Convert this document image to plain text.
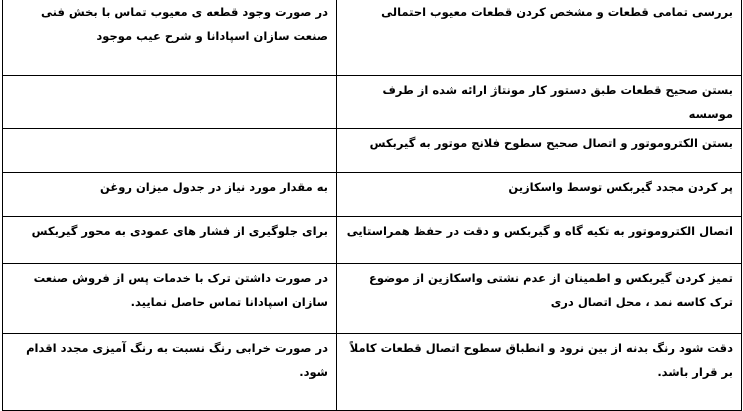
بررسی تمامی قطعات و مشخص کردن قطعات معیوب احتمالی	در صورت وجود قطعه ی معیوب تماس با بخش فنی صنعت سازان اسپادانا و شرح عیب موجود
بستن صحیح قطعات طبق دستور کار مونتاژ ارائه شده از طرف موسسه	
بستن الکتروموتور و اتصال صحیح سطوح فلانج موتور به گیربکس	
پر کردن مجدد گیربکس توسط واسکازین	به مقدار مورد نیاز در جدول میزان روغن
اتصال الکتروموتور به تکیه گاه و گیربکس و دقت در حفظ همراستایی	برای جلوگیری از فشار های عمودی به محور گیربکس
تمیز کردن گیربکس و اطمینان از عدم نشتی واسکازین از موضوع ترک کاسه نمد ، محل اتصال دری	در صورت داشتن ترک با خدمات پس از فروش صنعت سازان اسپادانا تماس حاصل نمایید.
دقت شود رنگ بدنه از بین نرود و انطباق سطوح اتصال قطعات کاملاً بر قرار باشد.	در صورت خرابی رنگ نسبت به رنگ آمیزی مجدد اقدام شود.
